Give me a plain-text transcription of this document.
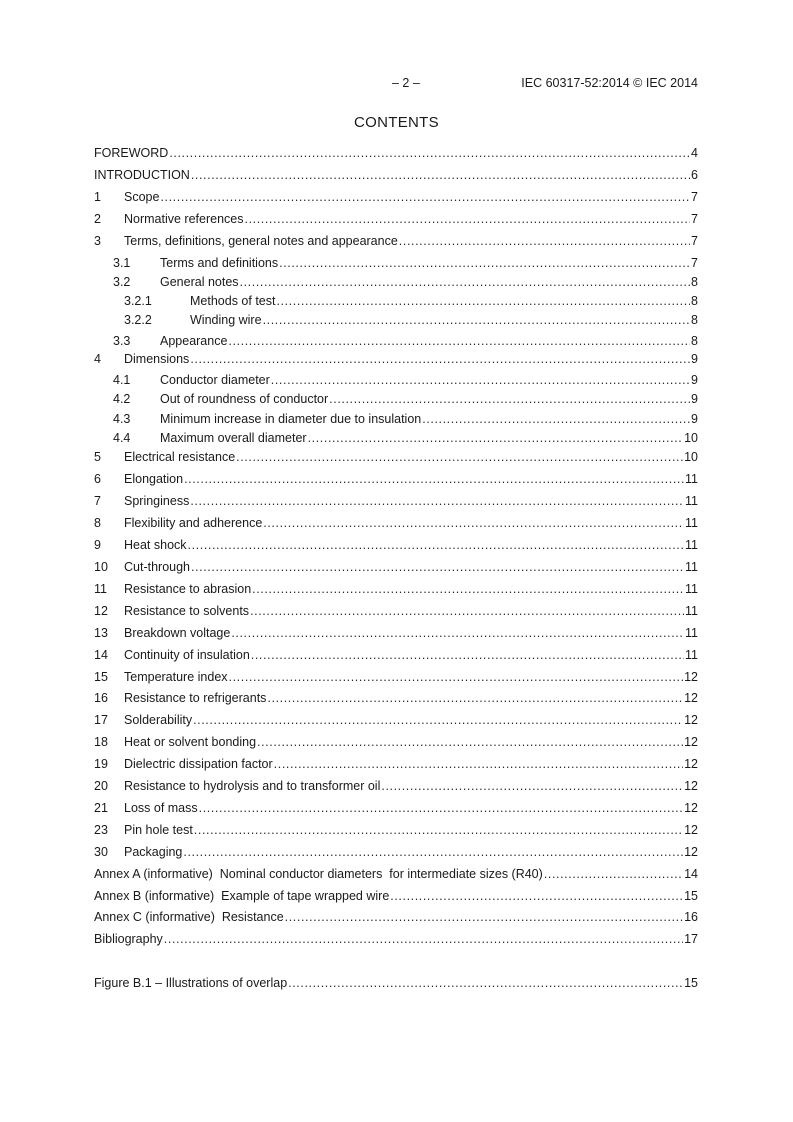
– 2 –	IEC 60317-52:2014 © IEC 2014
CONTENTS
FOREWORD .....	4
INTRODUCTION .....	6
1 Scope .....	7
2 Normative references .....	7
3 Terms, definitions, general notes and appearance .....	7
3.1 Terms and definitions .....	7
3.2 General notes .....	8
3.2.1	Methods of test .....	8
3.2.2	Winding wire .....	8
3.3 Appearance .....	8
4 Dimensions .....	9
4.1 Conductor diameter .....	9
4.2 Out of roundness of conductor .....	9
4.3 Minimum increase in diameter due to insulation .....	9
4.4 Maximum overall diameter .....	10
5 Electrical resistance .....	10
6 Elongation .....	11
7 Springiness .....	11
8 Flexibility and adherence .....	11
9 Heat shock .....	11
10 Cut-through .....	11
11 Resistance to abrasion .....	11
12 Resistance to solvents .....	11
13 Breakdown voltage .....	11
14 Continuity of insulation .....	11
15 Temperature index .....	12
16 Resistance to refrigerants .....	12
17 Solderability .....	12
18 Heat or solvent bonding .....	12
19 Dielectric dissipation factor .....	12
20 Resistance to hydrolysis and to transformer oil .....	12
21 Loss of mass .....	12
23 Pin hole test .....	12
30 Packaging .....	12
Annex A (informative)  Nominal conductor diameters  for intermediate sizes (R40) .....	14
Annex B (informative)  Example of tape wrapped wire .....	15
Annex C (informative)  Resistance .....	16
Bibliography .....	17
Figure B.1 – Illustrations of overlap .....	15
